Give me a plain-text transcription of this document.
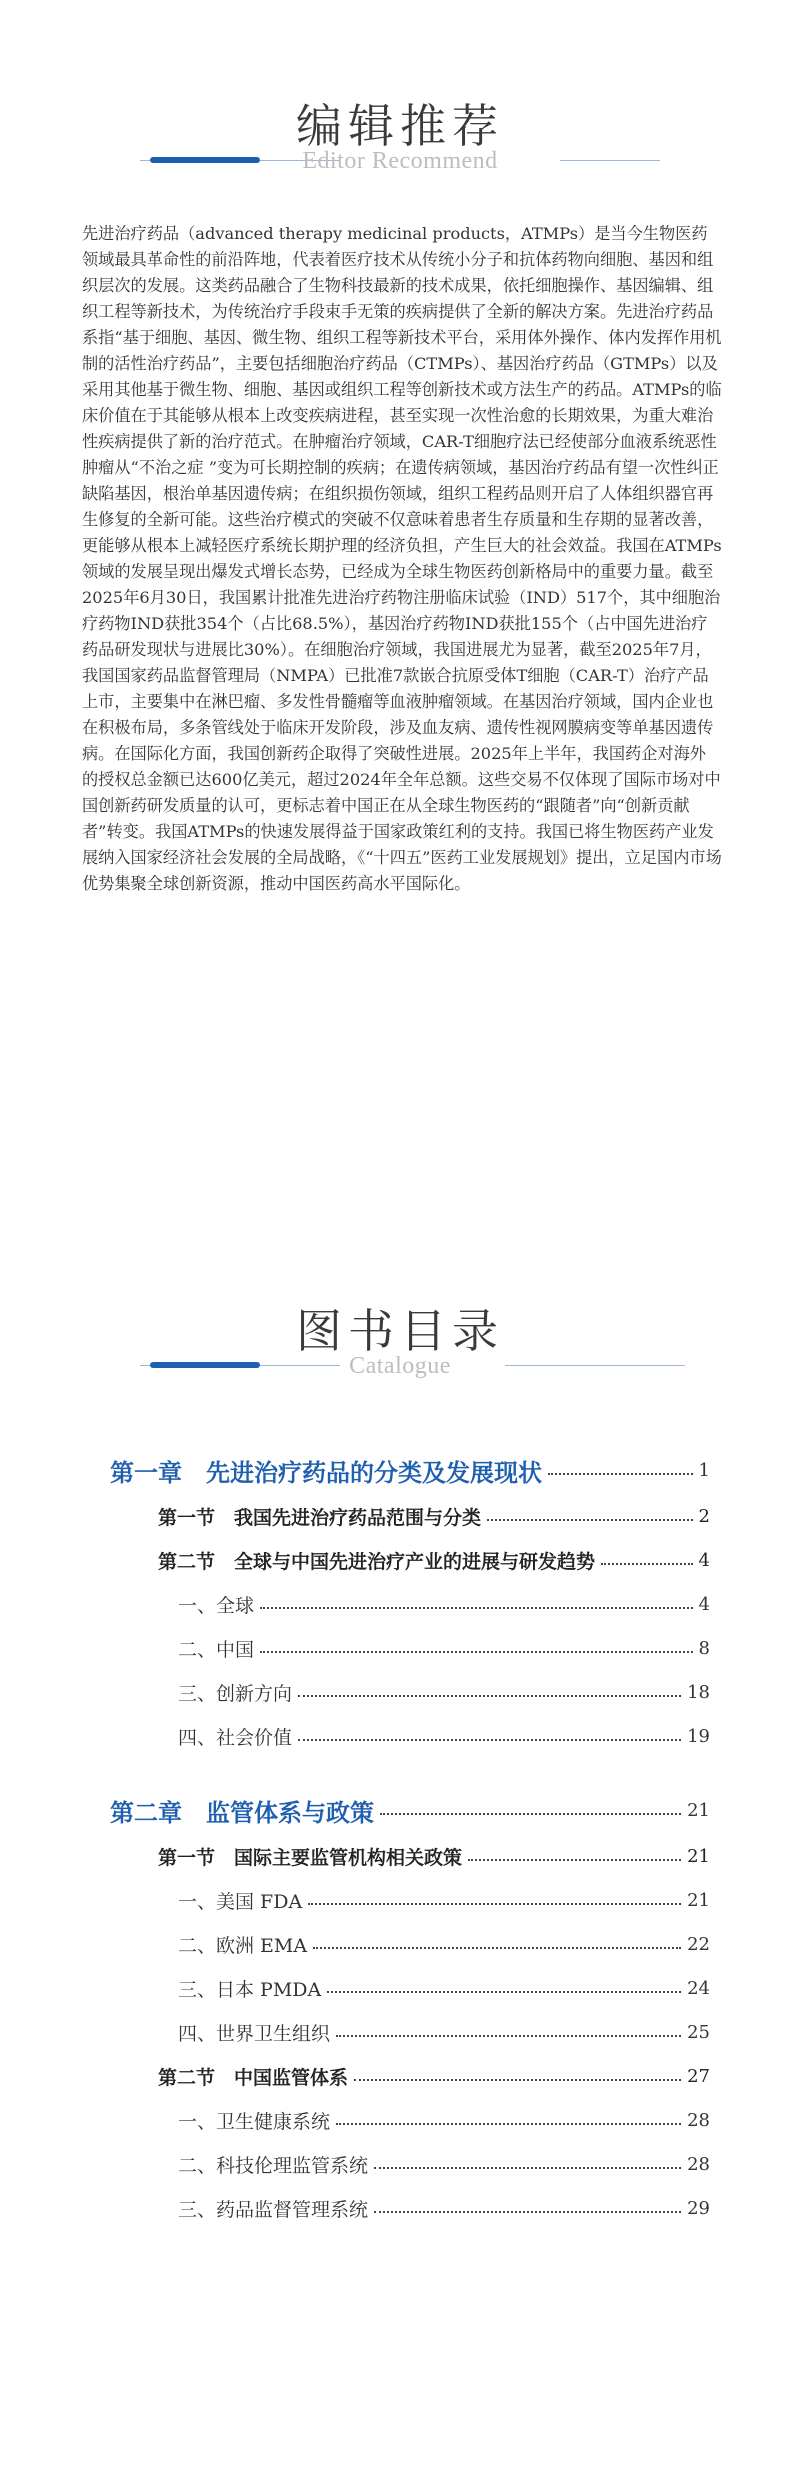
编辑推荐
Editor Recommend

先进治疗药品（advanced therapy medicinal products，ATMPs）是当今生物医药领域最具革命性的前沿阵地，代表着医疗技术从传统小分子和抗体药物向细胞、基因和组织层次的发展。这类药品融合了生物科技最新的技术成果，依托细胞操作、基因编辑、组织工程等新技术，为传统治疗手段束手无策的疾病提供了全新的解决方案。先进治疗药品系指“基于细胞、基因、微生物、组织工程等新技术平台，采用体外操作、体内发挥作用机制的活性治疗药品”，主要包括细胞治疗药品（CTMPs）、基因治疗药品（GTMPs）以及采用其他基于微生物、细胞、基因或组织工程等创新技术或方法生产的药品。ATMPs的临床价值在于其能够从根本上改变疾病进程，甚至实现一次性治愈的长期效果，为重大难治性疾病提供了新的治疗范式。在肿瘤治疗领域，CAR-T细胞疗法已经使部分血液系统恶性肿瘤从“不治之症 ”变为可长期控制的疾病；在遗传病领域，基因治疗药品有望一次性纠正缺陷基因，根治单基因遗传病；在组织损伤领域，组织工程药品则开启了人体组织器官再生修复的全新可能。这些治疗模式的突破不仅意味着患者生存质量和生存期的显著改善，更能够从根本上减轻医疗系统长期护理的经济负担，产生巨大的社会效益。我国在ATMPs领域的发展呈现出爆发式增长态势，已经成为全球生物医药创新格局中的重要力量。截至2025年6月30日，我国累计批准先进治疗药物注册临床试验（IND）517个，其中细胞治疗药物IND获批354个（占比68.5%），基因治疗药物IND获批155个（占中国先进治疗药品研发现状与进展比30%）。在细胞治疗领域，我国进展尤为显著，截至2025年7月，我国国家药品监督管理局（NMPA）已批准7款嵌合抗原受体T细胞（CAR-T）治疗产品上市，主要集中在淋巴瘤、多发性骨髓瘤等血液肿瘤领域。在基因治疗领域，国内企业也在积极布局，多条管线处于临床开发阶段，涉及血友病、遗传性视网膜病变等单基因遗传病。在国际化方面，我国创新药企取得了突破性进展。2025年上半年，我国药企对海外的授权总金额已达600亿美元，超过2024年全年总额。这些交易不仅体现了国际市场对中国创新药研发质量的认可，更标志着中国正在从全球生物医药的“跟随者”向“创新贡献者”转变。我国ATMPs的快速发展得益于国家政策红利的支持。我国已将生物医药产业发展纳入国家经济社会发展的全局战略，《“十四五”医药工业发展规划》提出，立足国内市场优势集聚全球创新资源，推动中国医药高水平国际化。

图书目录
Catalogue
第一章　先进治疗药品的分类及发展现状	1
第一节　我国先进治疗药品范围与分类	2
第二节　全球与中国先进治疗产业的进展与研发趋势	4
一、全球	4
二、中国	8
三、创新方向	18
四、社会价值	19
第二章　监管体系与政策	21
第一节　国际主要监管机构相关政策	21
一、美国 FDA	21
二、欧洲 EMA	22
三、日本 PMDA	24
四、世界卫生组织	25
第二节　中国监管体系	27
一、卫生健康系统	28
二、科技伦理监管系统	28
三、药品监督管理系统	29
